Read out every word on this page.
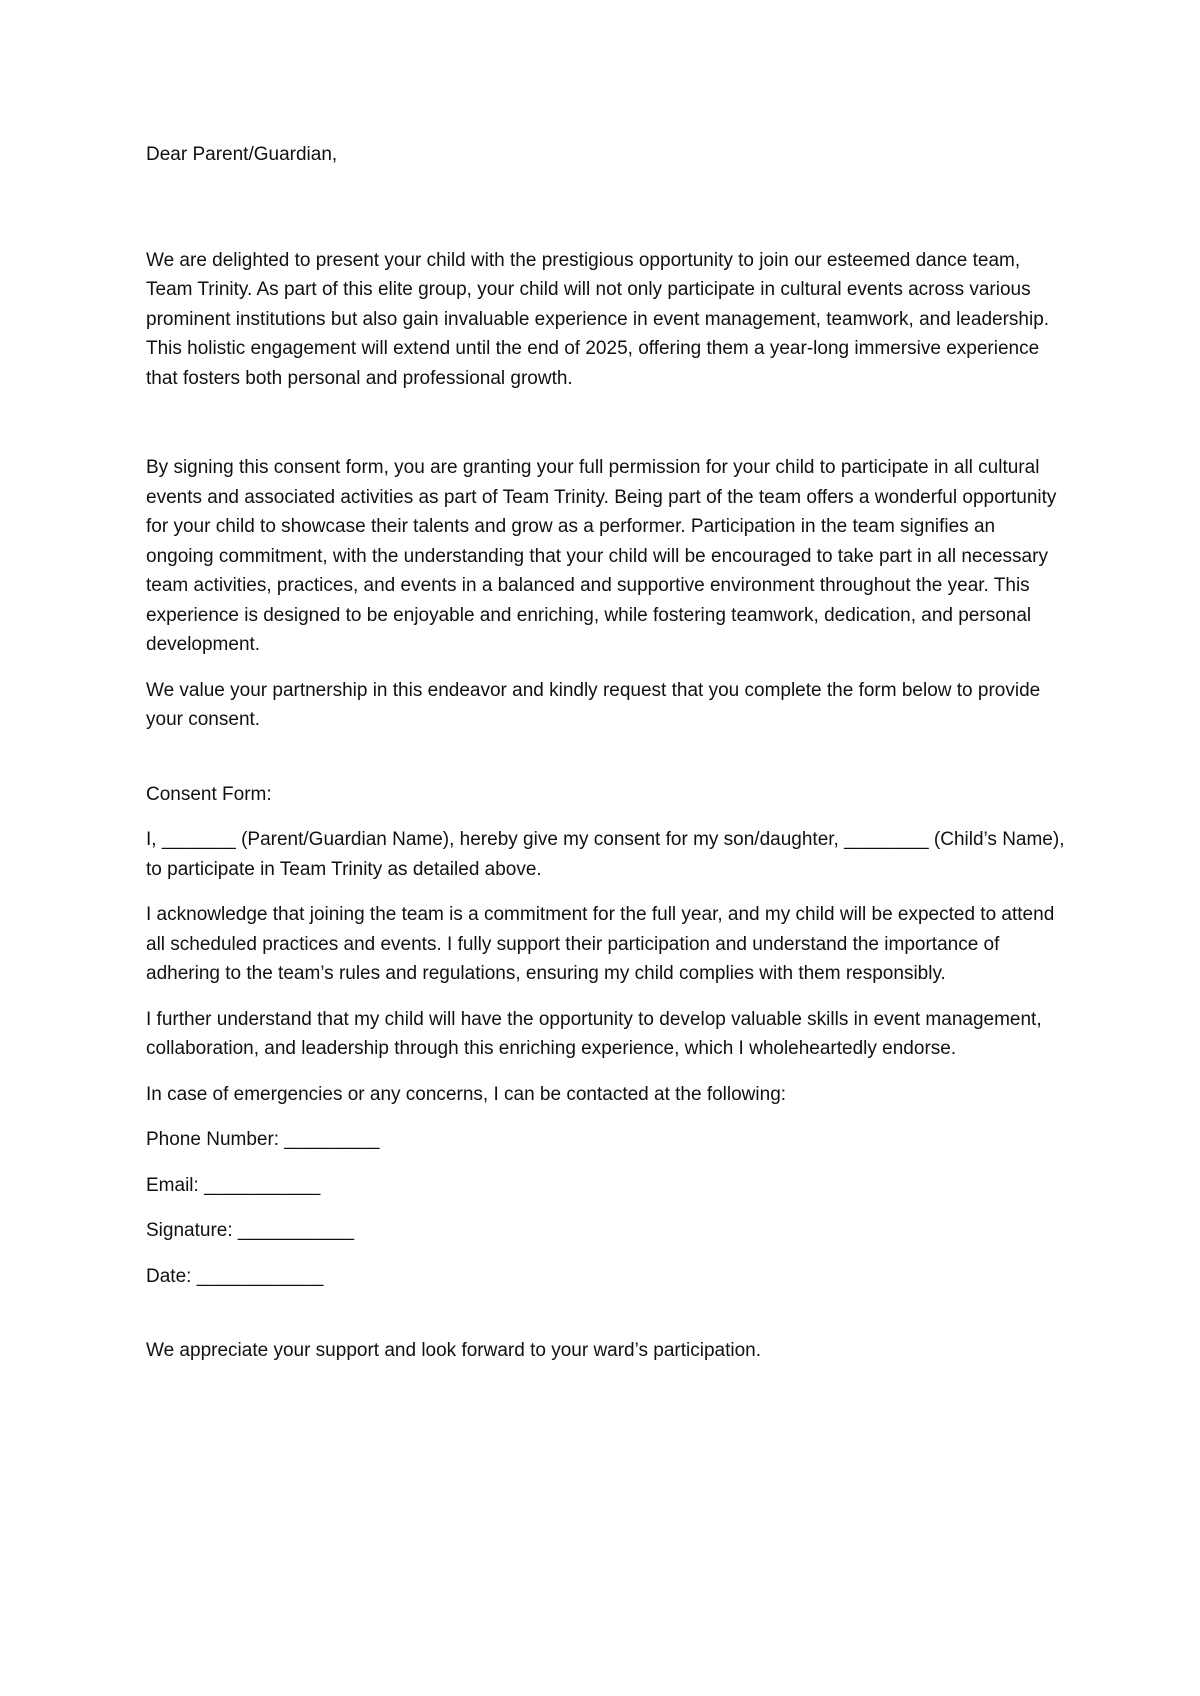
Dear Parent/Guardian,

We are delighted to present your child with the prestigious opportunity to join our esteemed dance team, Team Trinity. As part of this elite group, your child will not only participate in cultural events across various prominent institutions but also gain invaluable experience in event management, teamwork, and leadership. This holistic engagement will extend until the end of 2025, offering them a year-long immersive experience that fosters both personal and professional growth.

By signing this consent form, you are granting your full permission for your child to participate in all cultural events and associated activities as part of Team Trinity. Being part of the team offers a wonderful opportunity for your child to showcase their talents and grow as a performer. Participation in the team signifies an ongoing commitment, with the understanding that your child will be encouraged to take part in all necessary team activities, practices, and events in a balanced and supportive environment throughout the year. This experience is designed to be enjoyable and enriching, while fostering teamwork, dedication, and personal development.

We value your partnership in this endeavor and kindly request that you complete the form below to provide your consent.

Consent Form:

I, _______ (Parent/Guardian Name), hereby give my consent for my son/daughter, ________ (Child’s Name), to participate in Team Trinity as detailed above.

I acknowledge that joining the team is a commitment for the full year, and my child will be expected to attend all scheduled practices and events. I fully support their participation and understand the importance of adhering to the team’s rules and regulations, ensuring my child complies with them responsibly.

I further understand that my child will have the opportunity to develop valuable skills in event management, collaboration, and leadership through this enriching experience, which I wholeheartedly endorse.

In case of emergencies or any concerns, I can be contacted at the following:

Phone Number: _________

Email: ___________

Signature: ___________

Date: ____________

We appreciate your support and look forward to your ward’s participation.
